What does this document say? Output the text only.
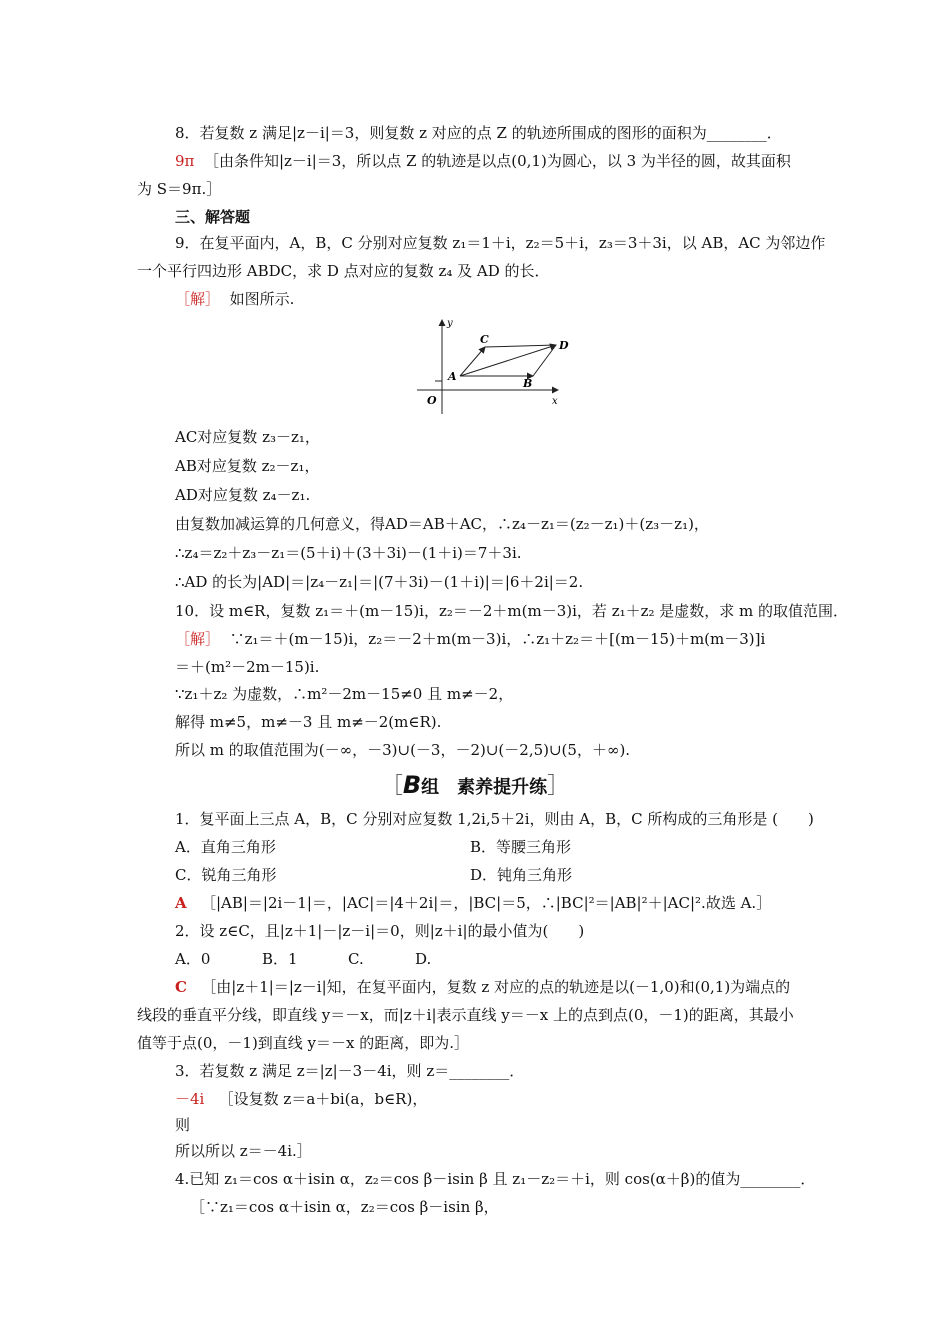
8．若复数 z 满足|z－i|＝3，则复数 z 对应的点 Z 的轨迹所围成的图形的面积为________．
9π ［由条件知|z－i|＝3，所以点 Z 的轨迹是以点(0,1)为圆心，以 3 为半径的圆，故其面积
为 S＝9π.］
三、解答题
9．在复平面内，A，B，C 分别对应复数 z₁＝1＋i，z₂＝5＋i，z₃＝3＋3i，以 AB，AC 为邻边作
一个平行四边形 ABDC，求 D 点对应的复数 z₄ 及 AD 的长．
［解］ 如图所示.
y
x
O
A
B
C	D
AC对应复数 z₃－z₁，
AB对应复数 z₂－z₁，
AD对应复数 z₄－z₁.
由复数加减运算的几何意义，得AD＝AB＋AC，∴z₄－z₁＝(z₂－z₁)＋(z₃－z₁)，
∴z₄＝z₂＋z₃－z₁＝(5＋i)＋(3＋3i)－(1＋i)＝7＋3i.
∴AD 的长为|AD|＝|z₄－z₁|＝|(7＋3i)－(1＋i)|＝|6＋2i|＝2.
10．设 m∈R，复数 z₁＝＋(m－15)i，z₂＝－2＋m(m－3)i，若 z₁＋z₂ 是虚数，求 m 的取值范围．
［解］ ∵z₁＝＋(m－15)i，z₂＝－2＋m(m－3)i，∴z₁＋z₂＝＋[(m－15)＋m(m－3)]i
＝＋(m²－2m－15)i.
∵z₁＋z₂ 为虚数，∴m²－2m－15≠0 且 m≠－2，
解得 m≠5，m≠－3 且 m≠－2(m∈R).
所以 m 的取值范围为(－∞，－3)∪(－3，－2)∪(－2,5)∪(5，＋∞).
［B组　素养提升练］
1．复平面上三点 A，B，C 分别对应复数 1,2i,5＋2i，则由 A，B，C 所构成的三角形是 (　　)
A．直角三角形	B．等腰三角形
C．锐角三角形	D．钝角三角形
A ［|AB|＝|2i－1|＝，|AC|＝|4＋2i|＝，|BC|＝5，∴|BC|²＝|AB|²＋|AC|².故选 A.］
2．设 z∈C，且|z＋1|－|z－i|＝0，则|z＋i|的最小值为(　　)
A．0	B．1	C.	D.
C ［由|z＋1|＝|z－i|知，在复平面内，复数 z 对应的点的轨迹是以(－1,0)和(0,1)为端点的
线段的垂直平分线，即直线 y＝－x，而|z＋i|表示直线 y＝－x 上的点到点(0，－1)的距离，其最小
值等于点(0，－1)到直线 y＝－x 的距离，即为.］
3．若复数 z 满足 z＝|z|－3－4i，则 z＝________．
－4i ［设复数 z＝a＋bi(a，b∈R)，
则
所以所以 z＝－4i.］
4.已知 z₁＝cos α＋isin α，z₂＝cos β－isin β 且 z₁－z₂＝＋i，则 cos(α＋β)的值为________．
［∵z₁＝cos α＋isin α，z₂＝cos β－isin β，
